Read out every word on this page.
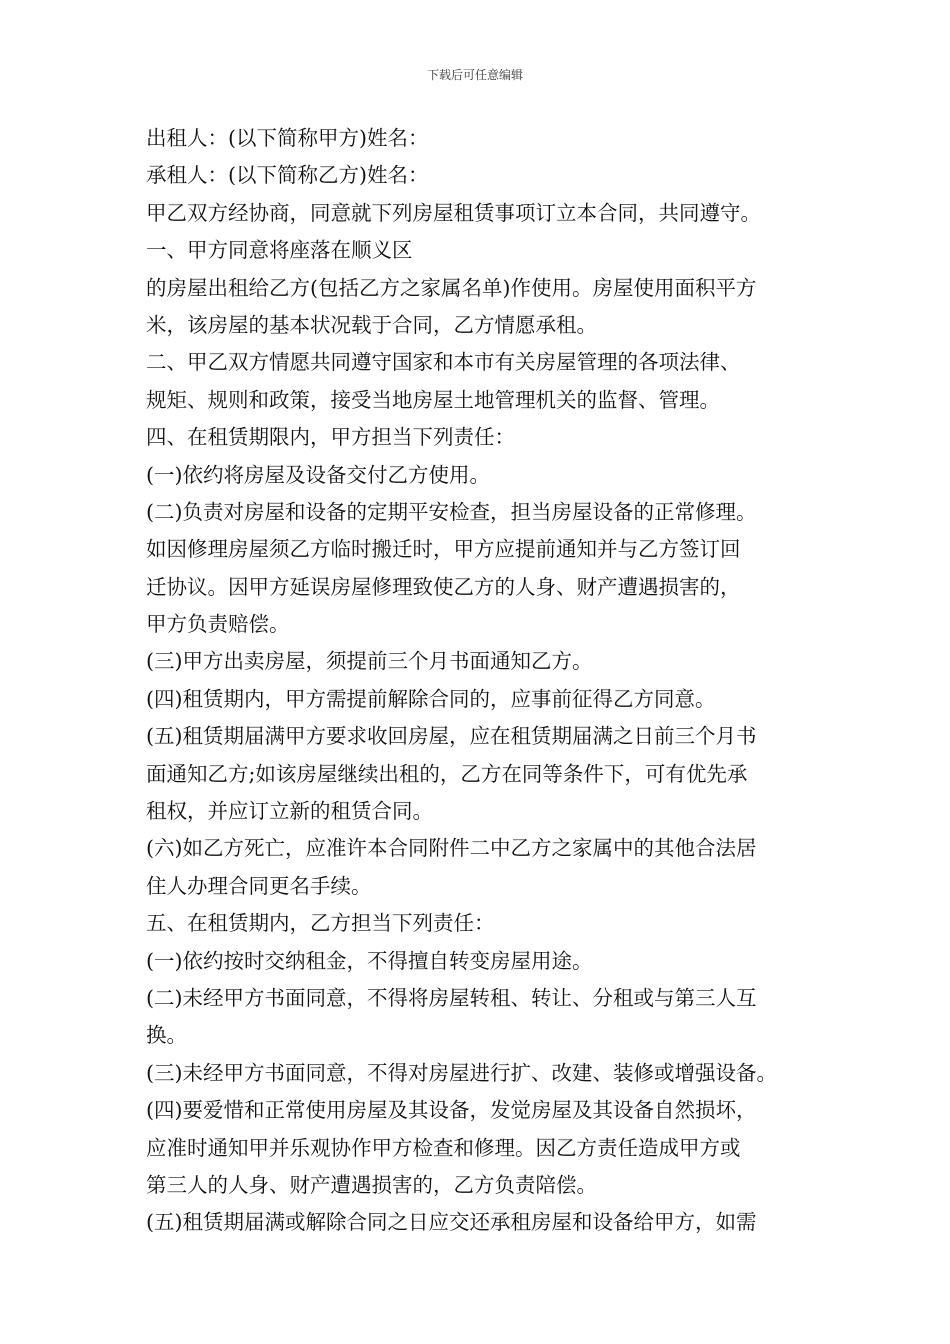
下载后可任意编辑
出租人：(以下简称甲方)姓名：
承租人：(以下简称乙方)姓名：
甲乙双方经协商，同意就下列房屋租赁事项订立本合同，共同遵守。
一、甲方同意将座落在顺义区
的房屋出租给乙方(包括乙方之家属名单)作使用。房屋使用面积平方
米，该房屋的基本状况载于合同，乙方情愿承租。
二、甲乙双方情愿共同遵守国家和本市有关房屋管理的各项法律、
规矩、规则和政策，接受当地房屋土地管理机关的监督、管理。
四、在租赁期限内，甲方担当下列责任：
(一)依约将房屋及设备交付乙方使用。
(二)负责对房屋和设备的定期平安检查，担当房屋设备的正常修理。
如因修理房屋须乙方临时搬迁时，甲方应提前通知并与乙方签订回
迁协议。因甲方延误房屋修理致使乙方的人身、财产遭遇损害的，
甲方负责赔偿。
(三)甲方出卖房屋，须提前三个月书面通知乙方。
(四)租赁期内，甲方需提前解除合同的，应事前征得乙方同意。
(五)租赁期届满甲方要求收回房屋，应在租赁期届满之日前三个月书
面通知乙方;如该房屋继续出租的，乙方在同等条件下，可有优先承
租权，并应订立新的租赁合同。
(六)如乙方死亡，应准许本合同附件二中乙方之家属中的其他合法居
住人办理合同更名手续。
五、在租赁期内，乙方担当下列责任：
(一)依约按时交纳租金，不得擅自转变房屋用途。
(二)未经甲方书面同意，不得将房屋转租、转让、分租或与第三人互
换。
(三)未经甲方书面同意，不得对房屋进行扩、改建、装修或增强设备。
(四)要爱惜和正常使用房屋及其设备，发觉房屋及其设备自然损坏，
应准时通知甲并乐观协作甲方检查和修理。因乙方责任造成甲方或
第三人的人身、财产遭遇损害的，乙方负责陪偿。
(五)租赁期届满或解除合同之日应交还承租房屋和设备给甲方，如需
